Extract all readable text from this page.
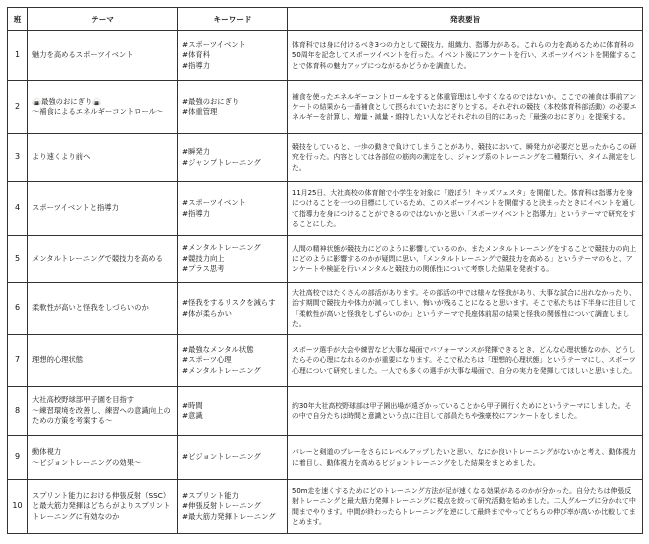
班	テーマ	キーワード	発表要旨
1	魅力を高めるスポーツイベント	#スポーツイベント
#体育科
#指導力	体育科では身に付けるべき3つの力として競技力、組織力、指導力がある。これらの力を高めるために体育科の50周年を記念してスポーツイベントを行った。イベント後にアンケートを行い、スポーツイベントを開催することで体育科の魅力アップにつながるかどうかを調査した。
2	🍙最強のおにぎり🍙
～補食によるエネルギーコントロール～	#最強のおにぎり
#体重管理	補食を使ったエネルギーコントロールをすると体重管理はしやすくなるのではないか。ここでの補食は事前アンケートの結果から一番補食として摂られていたおにぎりとする。それぞれの競技（本校体育科部活動）の必要エネルギーを計算し、増量・減量・維持したい人などそれぞれの目的にあった「最強のおにぎり」を提案する。
3	より速くより前へ	#瞬発力
#ジャンプトレーニング	競技をしていると、一歩の動きで負けてしまうことがあり、競技において、瞬発力が必要だと思ったからこの研究を行った。内容としては各部位の筋肉の測定をし、ジャンプ系のトレーニングを二種類行い、タイム測定をした。
4	スポーツイベントと指導力	#スポーツイベント
#指導力	11月25日、大社高校の体育館で小学生を対象に「遊ぼう！キッズフェスタ」を開催した。体育科は指導力を身につけることを一つの目標にしているため、このスポーツイベントを開催すると決まったときにイベントを通して指導力を身につけることができるのではないかと思い「スポーツイベントと指導力」というテーマで研究をすることにした。
5	メンタルトレーニングで競技力を高める	#メンタルトレーニング
#競技力向上
#プラス思考	人間の精神状態が競技力にどのように影響しているのか、またメンタルトレーニングをすることで競技力の向上にどのように影響するのかが疑問に思い、「メンタルトレーニングで競技力を高める」というテーマのもと、アンケートや検証を行いメンタルと競技力の関係性について考察した結果を発表する。
6	柔軟性が高いと怪我をしづらいのか	#怪我をするリスクを減らす
#体が柔らかい	大社高校ではたくさんの部活があります。その部活の中では様々な怪我があり、大事な試合に出れなかったり、治す期間で競技力や体力が減ってしまい、悔いが残ることになると思います。そこで私たちは下半身に注目して「柔軟性が高いと怪我をしずらいのか」というテーマで長座体前屈の結果と怪我の関係性について調査しました。
7	理想的心理状態	#最強なメンタル状態
#スポーツ心理
#メンタルトレーニング	スポーツ選手が大会や練習など大事な場面でパフォーマンスが発揮できるとき、どんな心理状態なのか、どうしたらその心理になれるのかが重要になります。そこで私たちは「理想的心理状態」というテーマにし、スポーツ心理について研究しました。一人でも多くの選手が大事な場面で、自分の実力を発揮してほしいと思いました。
8	大社高校野球部甲子園を目指す
～練習環境を改善し、練習への意識向上のための方策を考案する～	#時間
#意識	約30年大社高校野球部は甲子園出場が遠ざかっていることから甲子園行くためにというテーマにしました。その中で自分たちは時間と意識という点に注目して部員たちや強豪校にアンケートをしました。
9	動体視力
～ビジョントレーニングの効果～	#ビジョントレーニング	バレーと剣道のプレーをさらにレベルアップしたいと思い、なにか良いトレーニングがないかと考え、動体視力に着目し、動体視力を高めるビジョントレーニングをした結果をまとめました。
10	スプリント能力における伸張反射（SSC）と最大筋力発揮はどちらがよりスプリントトレーニングに有効なのか	#スプリント能力
#伸張反射トレーニング
#最大筋力発揮トレーニング	50m走を速くするためにどのトレーニング方法が足が速くなる効果があるのかが分かった。自分たちは伸張反射トレーニングと最大筋力発揮トレーニングに視点を絞って研究活動を始めました。二人グループに分かれて中間までやります。中間が終わったらトレーニングを逆にして最終までやってどちらの伸び率が高いか比較してまとめます。
